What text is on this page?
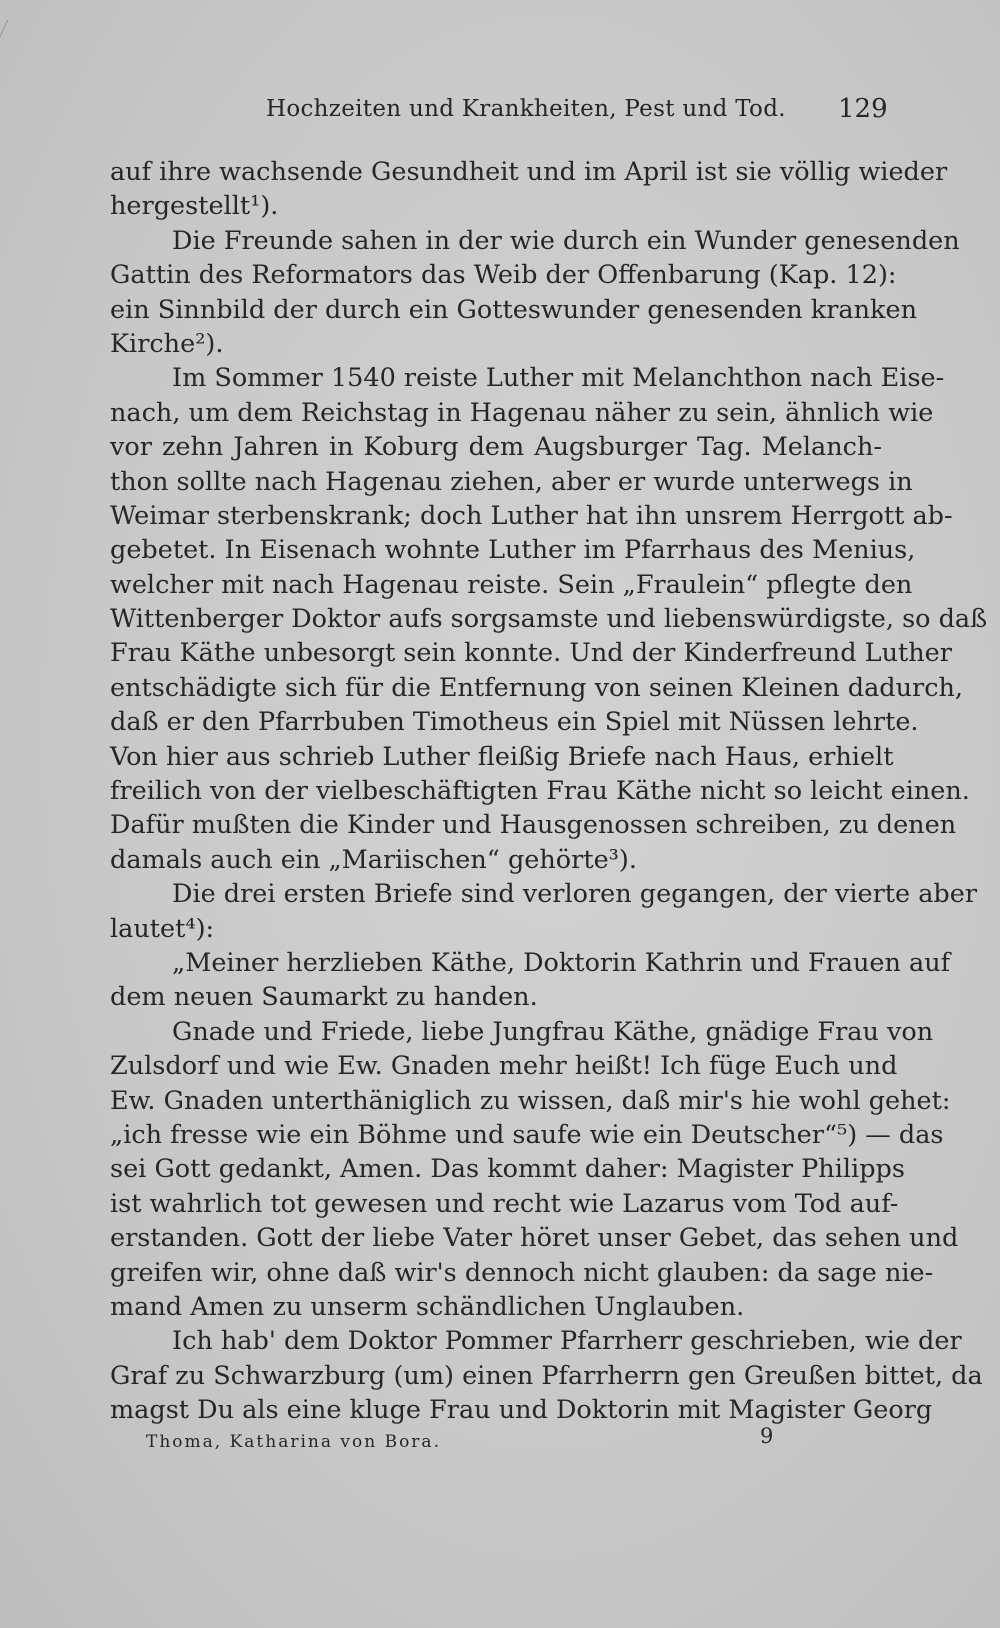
Hochzeiten und Krankheiten, Pest und Tod. 129
auf ihre wachsende Gesundheit und im April ist sie völlig wieder
hergestellt¹).
Die Freunde sahen in der wie durch ein Wunder genesenden
Gattin des Reformators das Weib der Offenbarung (Kap. 12):
ein Sinnbild der durch ein Gotteswunder genesenden kranken
Kirche²).
Im Sommer 1540 reiste Luther mit Melanchthon nach Eise-
nach, um dem Reichstag in Hagenau näher zu sein, ähnlich wie
vor zehn Jahren in Koburg dem Augsburger Tag. Melanch-
thon sollte nach Hagenau ziehen, aber er wurde unterwegs in
Weimar sterbenskrank; doch Luther hat ihn unsrem Herrgott ab-
gebetet. In Eisenach wohnte Luther im Pfarrhaus des Menius,
welcher mit nach Hagenau reiste. Sein „Fraulein“ pflegte den
Wittenberger Doktor aufs sorgsamste und liebenswürdigste, so daß
Frau Käthe unbesorgt sein konnte. Und der Kinderfreund Luther
entschädigte sich für die Entfernung von seinen Kleinen dadurch,
daß er den Pfarrbuben Timotheus ein Spiel mit Nüssen lehrte.
Von hier aus schrieb Luther fleißig Briefe nach Haus, erhielt
freilich von der vielbeschäftigten Frau Käthe nicht so leicht einen.
Dafür mußten die Kinder und Hausgenossen schreiben, zu denen
damals auch ein „Mariischen“ gehörte³).
Die drei ersten Briefe sind verloren gegangen, der vierte aber
lautet⁴):
„Meiner herzlieben Käthe, Doktorin Kathrin und Frauen auf
dem neuen Saumarkt zu handen.
Gnade und Friede, liebe Jungfrau Käthe, gnädige Frau von
Zulsdorf und wie Ew. Gnaden mehr heißt! Ich füge Euch und
Ew. Gnaden unterthäniglich zu wissen, daß mir's hie wohl gehet:
„ich fresse wie ein Böhme und saufe wie ein Deutscher“⁵) — das
sei Gott gedankt, Amen. Das kommt daher: Magister Philipps
ist wahrlich tot gewesen und recht wie Lazarus vom Tod auf-
erstanden. Gott der liebe Vater höret unser Gebet, das sehen und
greifen wir, ohne daß wir's dennoch nicht glauben: da sage nie-
mand Amen zu unserm schändlichen Unglauben.
Ich hab' dem Doktor Pommer Pfarrherr geschrieben, wie der
Graf zu Schwarzburg (um) einen Pfarrherrn gen Greußen bittet, da
magst Du als eine kluge Frau und Doktorin mit Magister Georg
Thoma, Katharina von Bora.	9
